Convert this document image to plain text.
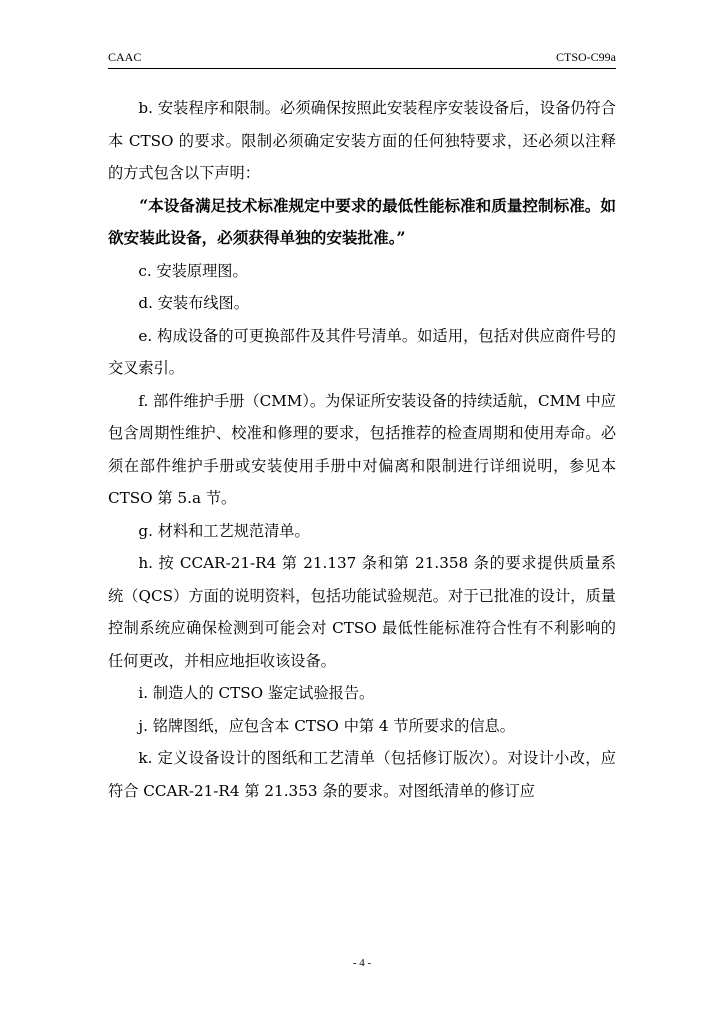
CAAC	CTSO-C99a

b. 安装程序和限制。必须确保按照此安装程序安装设备后，设备仍符合本 CTSO 的要求。限制必须确定安装方面的任何独特要求，还必须以注释的方式包含以下声明：

“本设备满足技术标准规定中要求的最低性能标准和质量控制标准。如欲安装此设备，必须获得单独的安装批准。”

c. 安装原理图。

d. 安装布线图。

e. 构成设备的可更换部件及其件号清单。如适用，包括对供应商件号的交叉索引。

f. 部件维护手册（CMM）。为保证所安装设备的持续适航，CMM 中应包含周期性维护、校准和修理的要求，包括推荐的检查周期和使用寿命。必须在部件维护手册或安装使用手册中对偏离和限制进行详细说明，参见本 CTSO 第 5.a 节。

g. 材料和工艺规范清单。

h. 按 CCAR-21-R4 第 21.137 条和第 21.358 条的要求提供质量系统（QCS）方面的说明资料，包括功能试验规范。对于已批准的设计，质量控制系统应确保检测到可能会对 CTSO 最低性能标准符合性有不利影响的任何更改，并相应地拒收该设备。

i. 制造人的 CTSO 鉴定试验报告。

j. 铭牌图纸，应包含本 CTSO 中第 4 节所要求的信息。

k. 定义设备设计的图纸和工艺清单（包括修订版次）。对设计小改，应符合 CCAR-21-R4 第 21.353 条的要求。对图纸清单的修订应

- 4 -
